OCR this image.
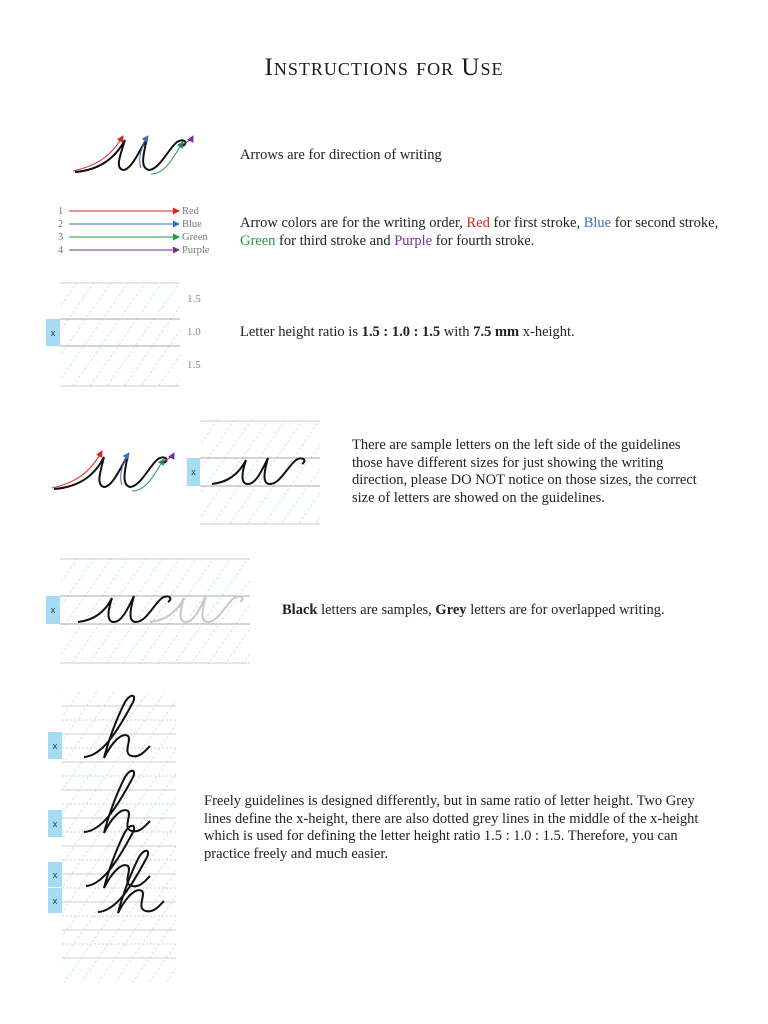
Instructions for Use
Arrows are for direction of writing
1	Red
2	Blue
3	Green
4	Purple
Arrow colors are for the writing order, Red for first stroke, Blue for second stroke, Green for third stroke and Purple for fourth stroke.
x
1.5
1.0
1.5
Letter height ratio is 1.5 : 1.0 : 1.5 with 7.5 mm x-height.
x
There are sample letters on the left side of the guidelines those have different sizes for just showing the writing direction, please DO NOT notice on those sizes, the correct size of letters are showed on the guidelines.
x	Black letters are samples, Grey letters are for overlapped writing.
x
x
x
x
Freely guidelines is designed differently, but in same ratio of letter height. Two Grey lines define the x-height, there are also dotted grey lines in the middle of the x-height which is used for defining the letter height ratio 1.5 : 1.0 : 1.5. Therefore, you can practice freely and much easier.
